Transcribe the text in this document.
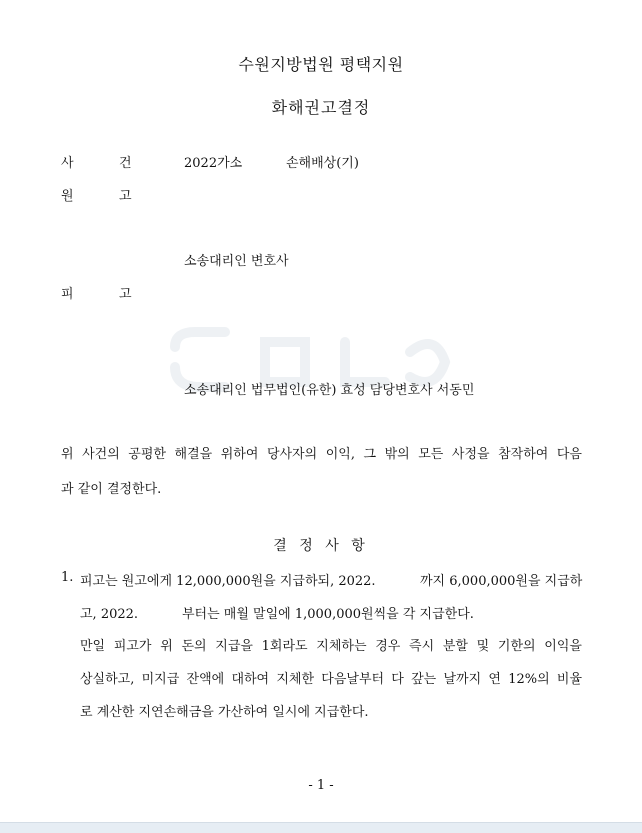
수원지방법원 평택지원
화해권고결정
사	건	2022가소	손해배상(기)
원	고
소송대리인 변호사
피	고
소송대리인 법무법인(유한) 효성 담당변호사 서동민
위 사건의 공평한 해결을 위하여 당사자의 이익, 그 밖의 모든 사정을 참작하여 다음
과 같이 결정한다.
결 정 사 항
1. 피고는 원고에게 12,000,000원을 지급하되, 2022.	까지 6,000,000원을 지급하
고, 2022.	부터는 매월 말일에 1,000,000원씩을 각 지급한다.
만일 피고가 위 돈의 지급을 1회라도 지체하는 경우 즉시 분할 및 기한의 이익을
상실하고, 미지급 잔액에 대하여 지체한 다음날부터 다 갚는 날까지 연 12%의 비율
로 계산한 지연손해금을 가산하여 일시에 지급한다.
- 1 -
